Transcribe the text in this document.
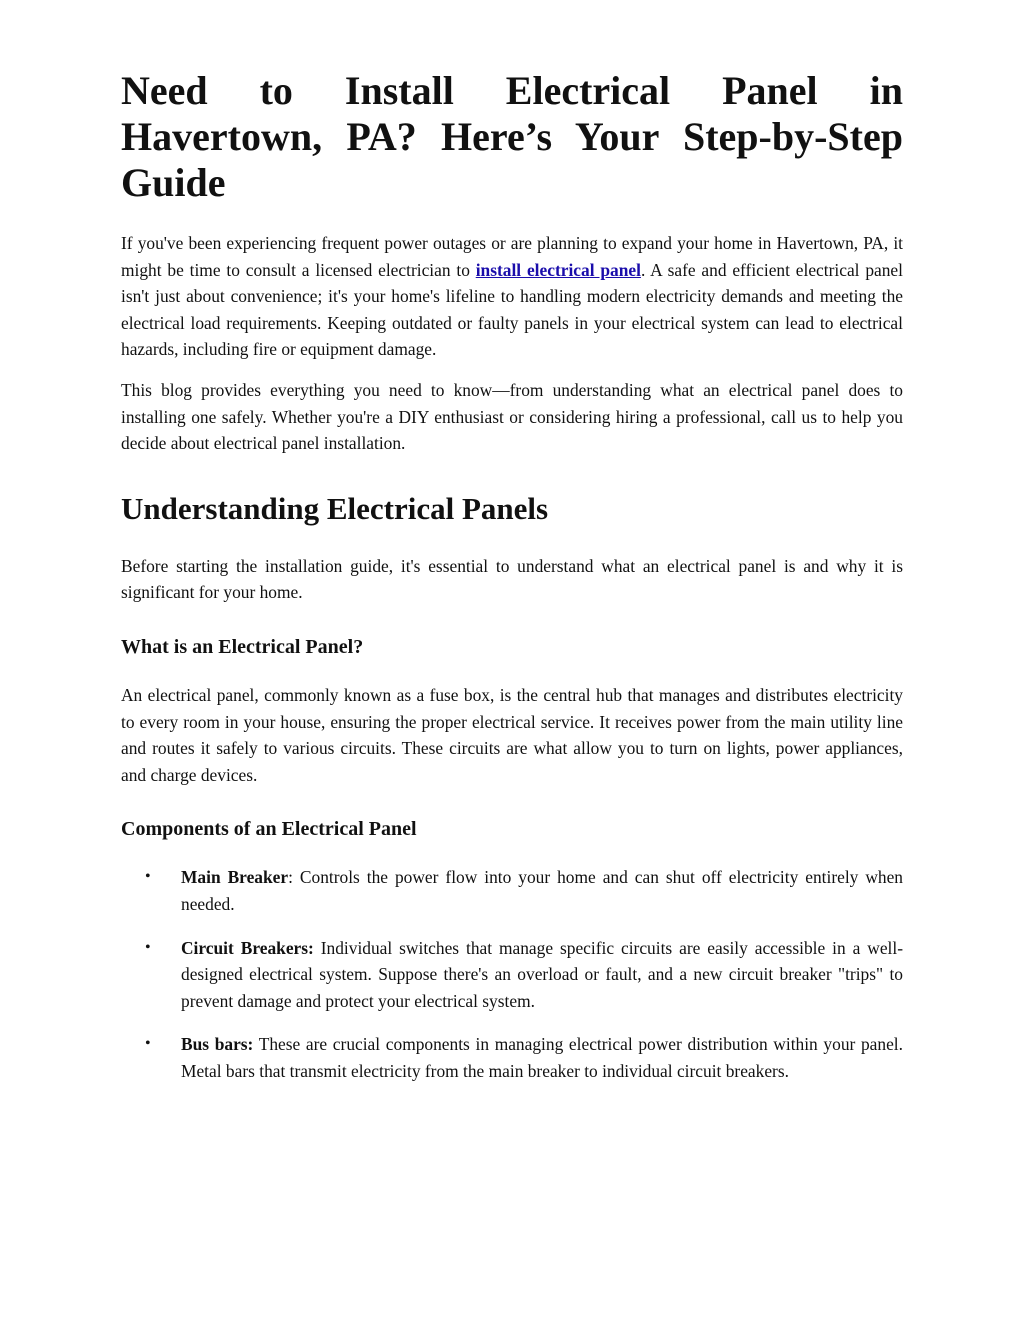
Need to Install Electrical Panel in Havertown, PA? Here’s Your Step-by-Step Guide

If you've been experiencing frequent power outages or are planning to expand your home in Havertown, PA, it might be time to consult a licensed electrician to install electrical panel. A safe and efficient electrical panel isn't just about convenience; it's your home's lifeline to handling modern electricity demands and meeting the electrical load requirements. Keeping outdated or faulty panels in your electrical system can lead to electrical hazards, including fire or equipment damage.

This blog provides everything you need to know—from understanding what an electrical panel does to installing one safely. Whether you're a DIY enthusiast or considering hiring a professional, call us to help you decide about electrical panel installation.

Understanding Electrical Panels

Before starting the installation guide, it's essential to understand what an electrical panel is and why it is significant for your home.

What is an Electrical Panel?

An electrical panel, commonly known as a fuse box, is the central hub that manages and distributes electricity to every room in your house, ensuring the proper electrical service. It receives power from the main utility line and routes it safely to various circuits. These circuits are what allow you to turn on lights, power appliances, and charge devices.

Components of an Electrical Panel
• Main Breaker: Controls the power flow into your home and can shut off electricity entirely when needed.
• Circuit Breakers: Individual switches that manage specific circuits are easily accessible in a well-designed electrical system. Suppose there's an overload or fault, and a new circuit breaker "trips" to prevent damage and protect your electrical system.
• Bus bars: These are crucial components in managing electrical power distribution within your panel. Metal bars that transmit electricity from the main breaker to individual circuit breakers.
